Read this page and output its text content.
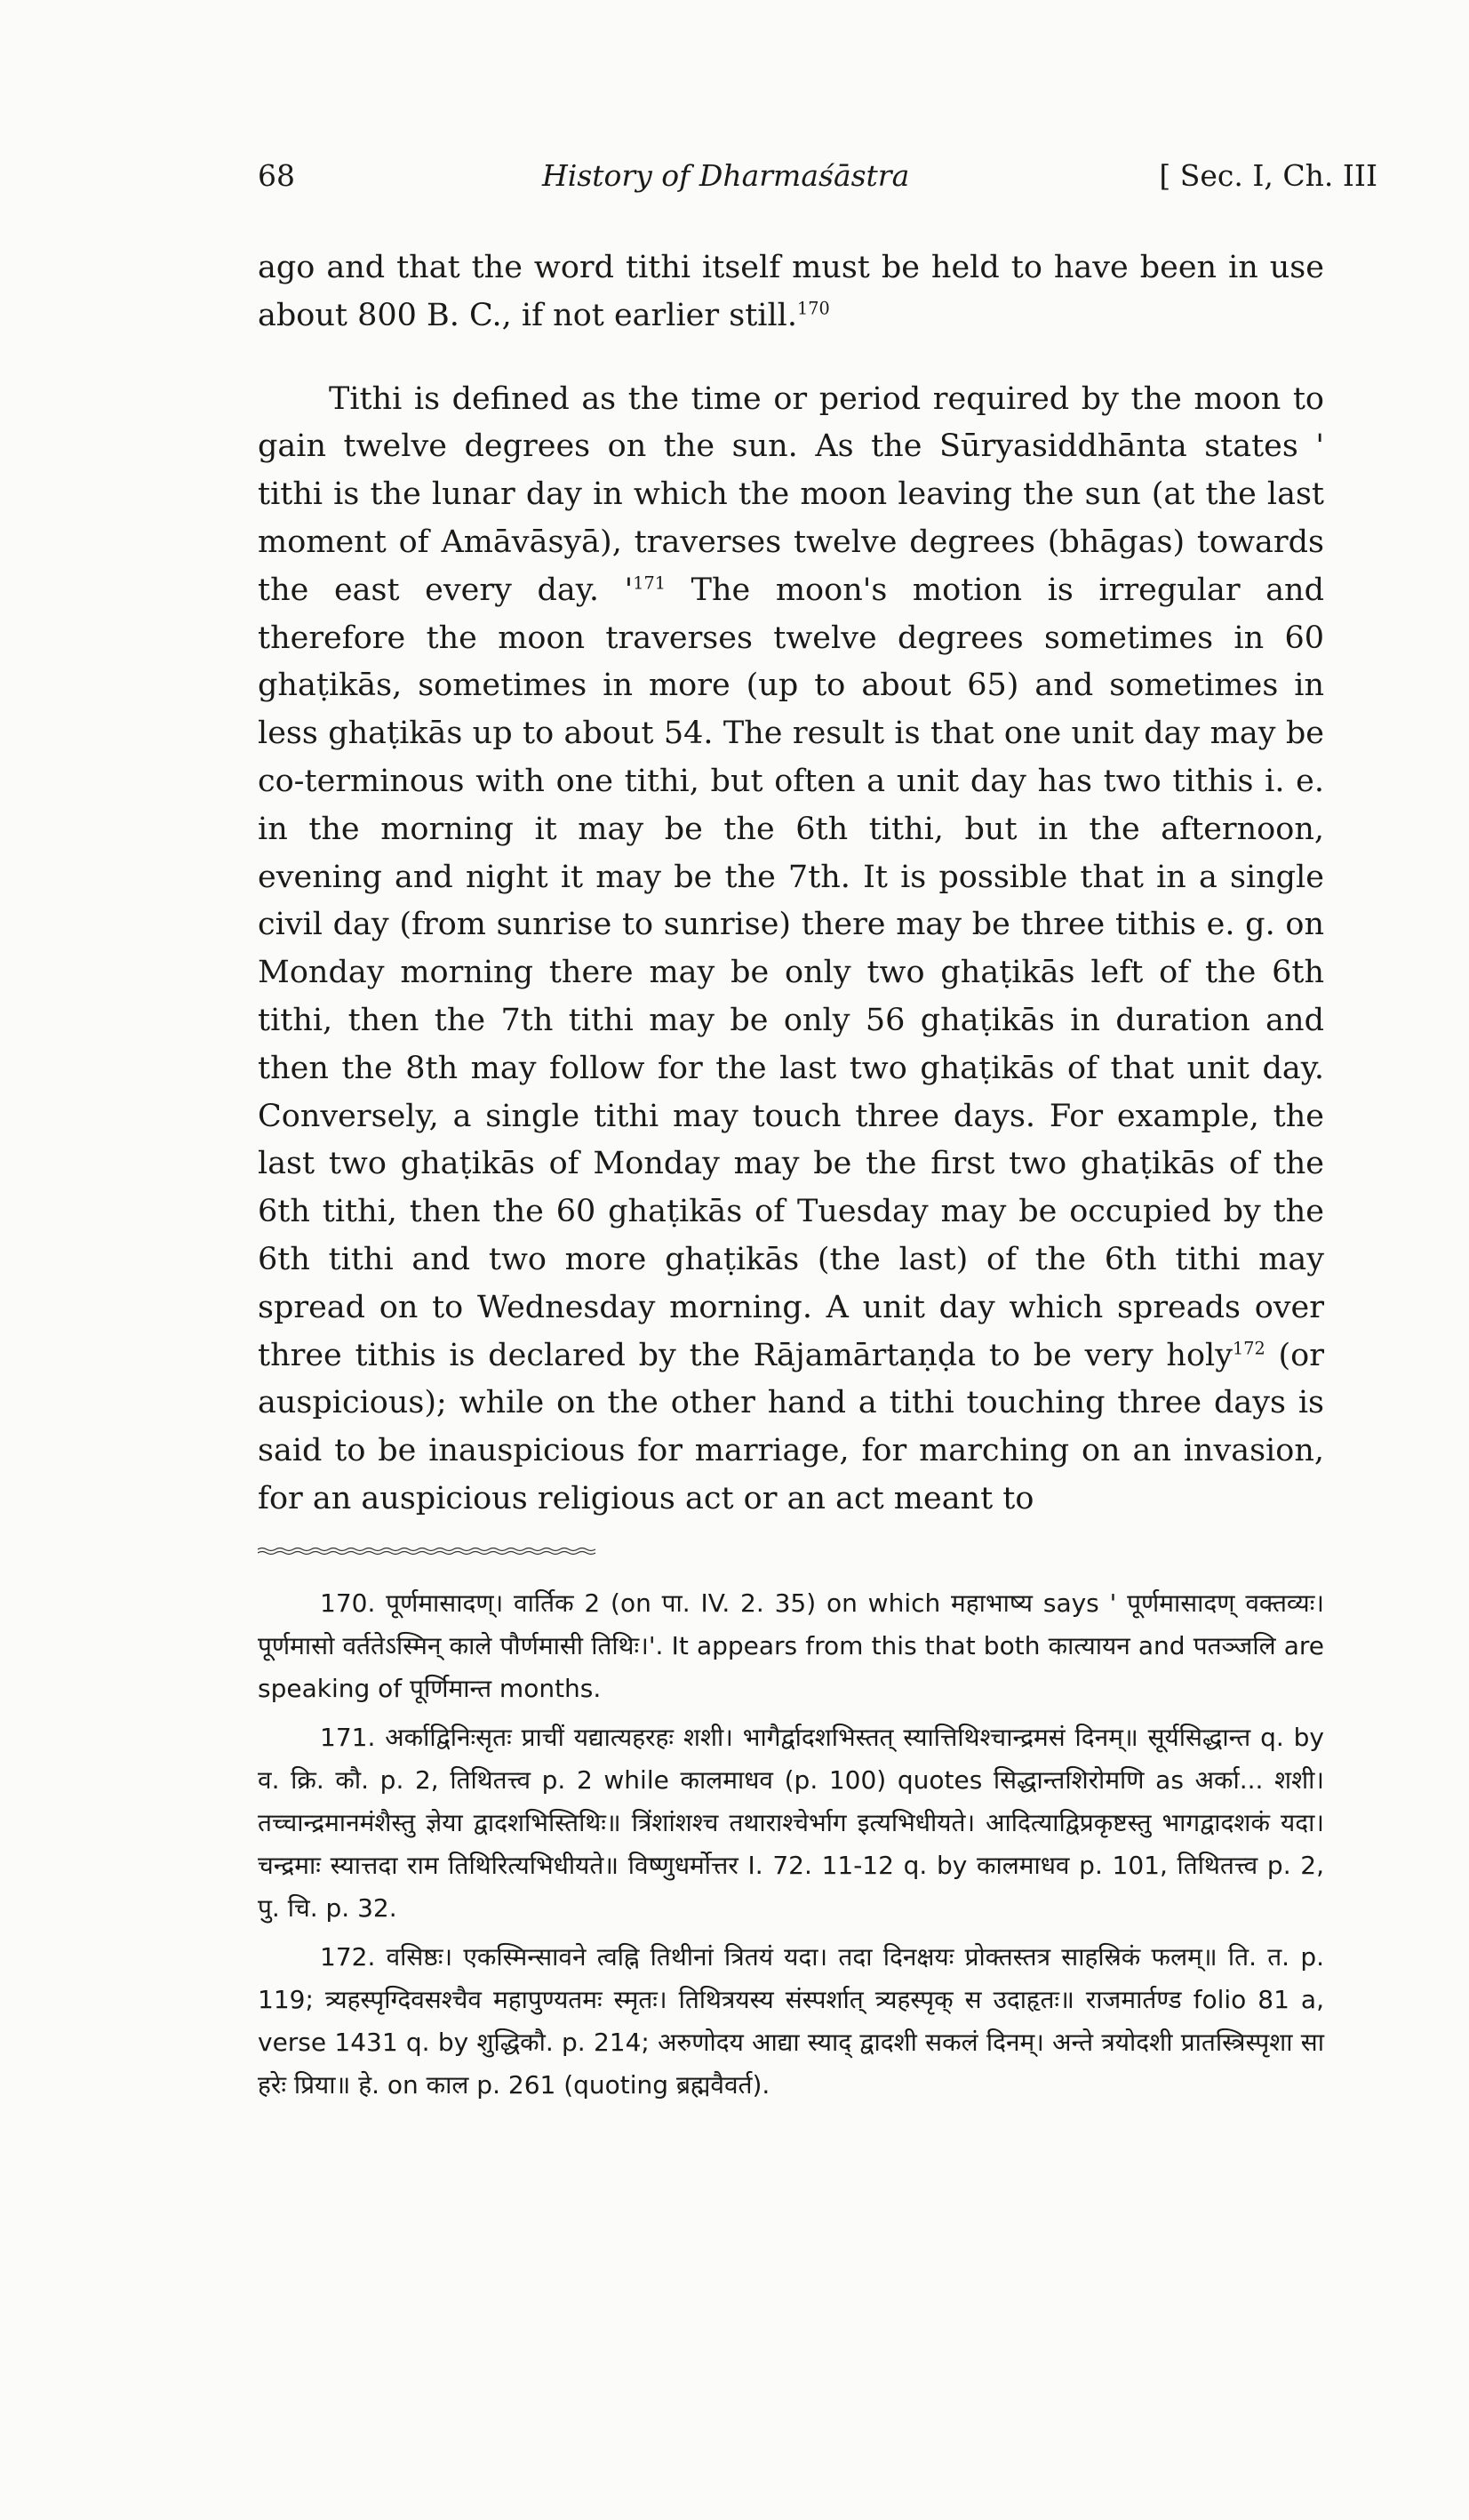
68	History of Dharmaśāstra	[ Sec. I, Ch. III

ago and that the word tithi itself must be held to have been in use about 800 B. C., if not earlier still.$^{170}$

Tithi is defined as the time or period required by the moon to gain twelve degrees on the sun. As the Sūryasiddhānta states ' tithi is the lunar day in which the moon leaving the sun (at the last moment of Amāvāsyā), traverses twelve degrees (bhāgas) towards the east every day. '$^{171}$ The moon's motion is irregular and therefore the moon traverses twelve degrees sometimes in 60 ghaṭikās, sometimes in more (up to about 65) and sometimes in less ghaṭikās up to about 54. The result is that one unit day may be co-terminous with one tithi, but often a unit day has two tithis i. e. in the morning it may be the 6th tithi, but in the afternoon, evening and night it may be the 7th. It is possible that in a single civil day (from sunrise to sunrise) there may be three tithis e. g. on Monday morning there may be only two ghaṭikās left of the 6th tithi, then the 7th tithi may be only 56 ghaṭikās in duration and then the 8th may follow for the last two ghaṭikās of that unit day. Conversely, a single tithi may touch three days. For example, the last two ghaṭikās of Monday may be the first two ghaṭikās of the 6th tithi, then the 60 ghaṭikās of Tuesday may be occupied by the 6th tithi and two more ghaṭikās (the last) of the 6th tithi may spread on to Wednesday morning. A unit day which spreads over three tithis is declared by the Rājamārtaṇḍa to be very holy$^{172}$ (or auspicious); while on the other hand a tithi touching three days is said to be inauspicious for marriage, for marching on an invasion, for an auspicious religious act or an act meant to

170. पूर्णमासादण्। वार्तिक 2 (on पा. IV. 2. 35) on which महाभाष्य says ' पूर्णमासादण् वक्तव्यः। पूर्णमासो वर्ततेऽस्मिन् काले पौर्णमासी तिथिः।'. It appears from this that both कात्यायन and पतञ्जलि are speaking of पूर्णिमान्त months.

171. अर्काद्विनिःसृतः प्राचीं यद्यात्यहरहः शशी। भागैर्द्वादशभिस्तत् स्यात्तिथिश्चान्द्रमसं दिनम्॥ सूर्यसिद्धान्त q. by व. क्रि. कौ. p. 2, तिथितत्त्व p. 2 while कालमाधव (p. 100) quotes सिद्धान्तशिरोमणि as अर्का... शशी। तच्चान्द्रमानमंशैस्तु ज्ञेया द्वादशभिस्तिथिः॥ त्रिंशांशश्च तथाराश्चेर्भाग इत्यभिधीयते। आदित्याद्विप्रकृष्टस्तु भागद्वादशकं यदा। चन्द्रमाः स्यात्तदा राम तिथिरित्यभिधीयते॥ विष्णुधर्मोत्तर I. 72. 11-12 q. by कालमाधव p. 101, तिथितत्त्व p. 2, पु. चि. p. 32.

172. वसिष्ठः। एकस्मिन्सावने त्वह्नि तिथीनां त्रितयं यदा। तदा दिनक्षयः प्रोक्तस्तत्र साहस्रिकं फलम्॥ ति. त. p. 119; त्र्यहस्पृग्दिवसश्चैव महापुण्यतमः स्मृतः। तिथित्रयस्य संस्पर्शात् त्र्यहस्पृक् स उदाहृतः॥ राजमार्तण्ड folio 81 a, verse 1431 q. by शुद्धिकौ. p. 214; अरुणोदय आद्या स्याद् द्वादशी सकलं दिनम्। अन्ते त्रयोदशी प्रातस्त्रिस्पृशा सा हरेः प्रिया॥ हे. on काल p. 261 (quoting ब्रह्मवैवर्त).
